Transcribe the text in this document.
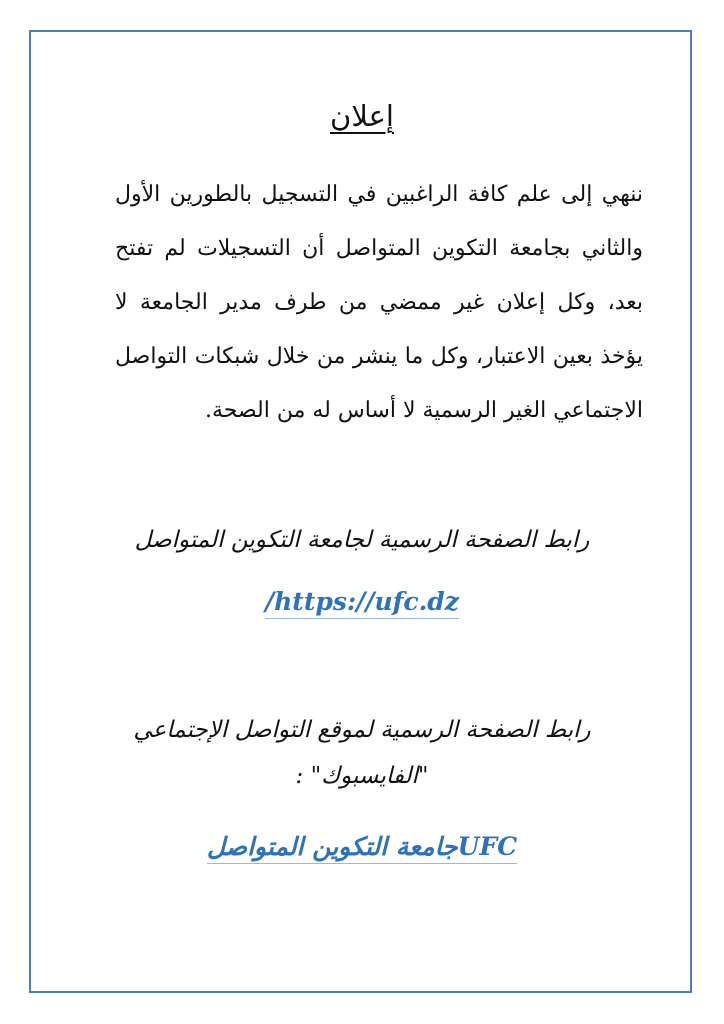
إعلان
ننهي إلى علم كافة الراغبين في التسجيل بالطورين الأول والثاني بجامعة التكوين المتواصل أن التسجيلات لم تفتح بعد، وكل إعلان غير ممضي من طرف مدير الجامعة لا يؤخذ بعين الاعتبار، وكل ما ينشر من خلال شبكات التواصل الاجتماعي الغير الرسمية لا أساس له من الصحة.
رابط الصفحة الرسمية لجامعة التكوين المتواصل
/https://ufc.dz
رابط الصفحة الرسمية لموقع التواصل الإجتماعي
"الفايسبوك" :
UFCجامعة التكوين المتواصل
